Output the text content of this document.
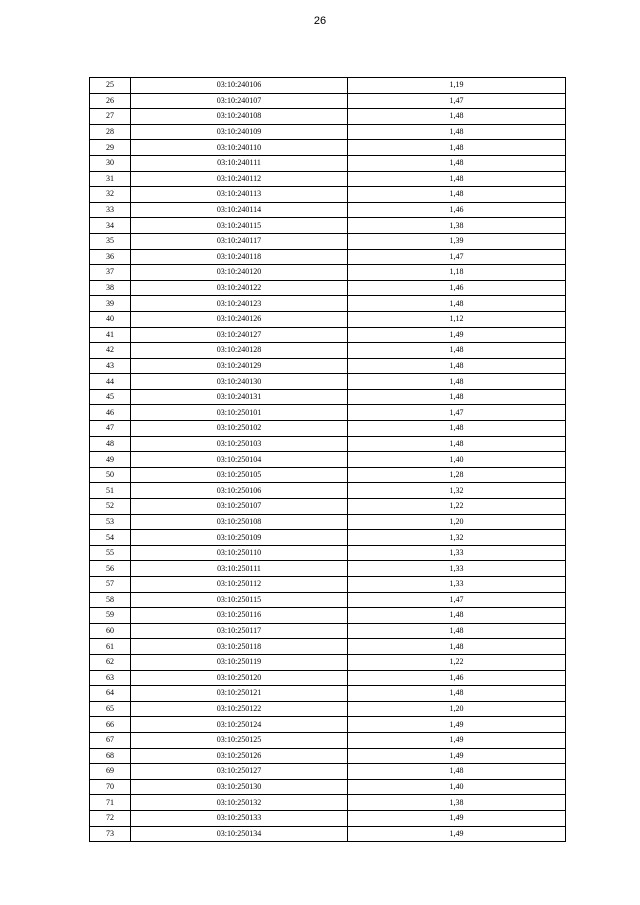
26
25	03:10:240106	1,19
26	03:10:240107	1,47
27	03:10:240108	1,48
28	03:10:240109	1,48
29	03:10:240110	1,48
30	03:10:240111	1,48
31	03:10:240112	1,48
32	03:10:240113	1,48
33	03:10:240114	1,46
34	03:10:240115	1,38
35	03:10:240117	1,39
36	03:10:240118	1,47
37	03:10:240120	1,18
38	03:10:240122	1,46
39	03:10:240123	1,48
40	03:10:240126	1,12
41	03:10:240127	1,49
42	03:10:240128	1,48
43	03:10:240129	1,48
44	03:10:240130	1,48
45	03:10:240131	1,48
46	03:10:250101	1,47
47	03:10:250102	1,48
48	03:10:250103	1,48
49	03:10:250104	1,40
50	03:10:250105	1,28
51	03:10:250106	1,32
52	03:10:250107	1,22
53	03:10:250108	1,20
54	03:10:250109	1,32
55	03:10:250110	1,33
56	03:10:250111	1,33
57	03:10:250112	1,33
58	03:10:250115	1,47
59	03:10:250116	1,48
60	03:10:250117	1,48
61	03:10:250118	1,48
62	03:10:250119	1,22
63	03:10:250120	1,46
64	03:10:250121	1,48
65	03:10:250122	1,20
66	03:10:250124	1,49
67	03:10:250125	1,49
68	03:10:250126	1,49
69	03:10:250127	1,48
70	03:10:250130	1,40
71	03:10:250132	1,38
72	03:10:250133	1,49
73	03:10:250134	1,49
